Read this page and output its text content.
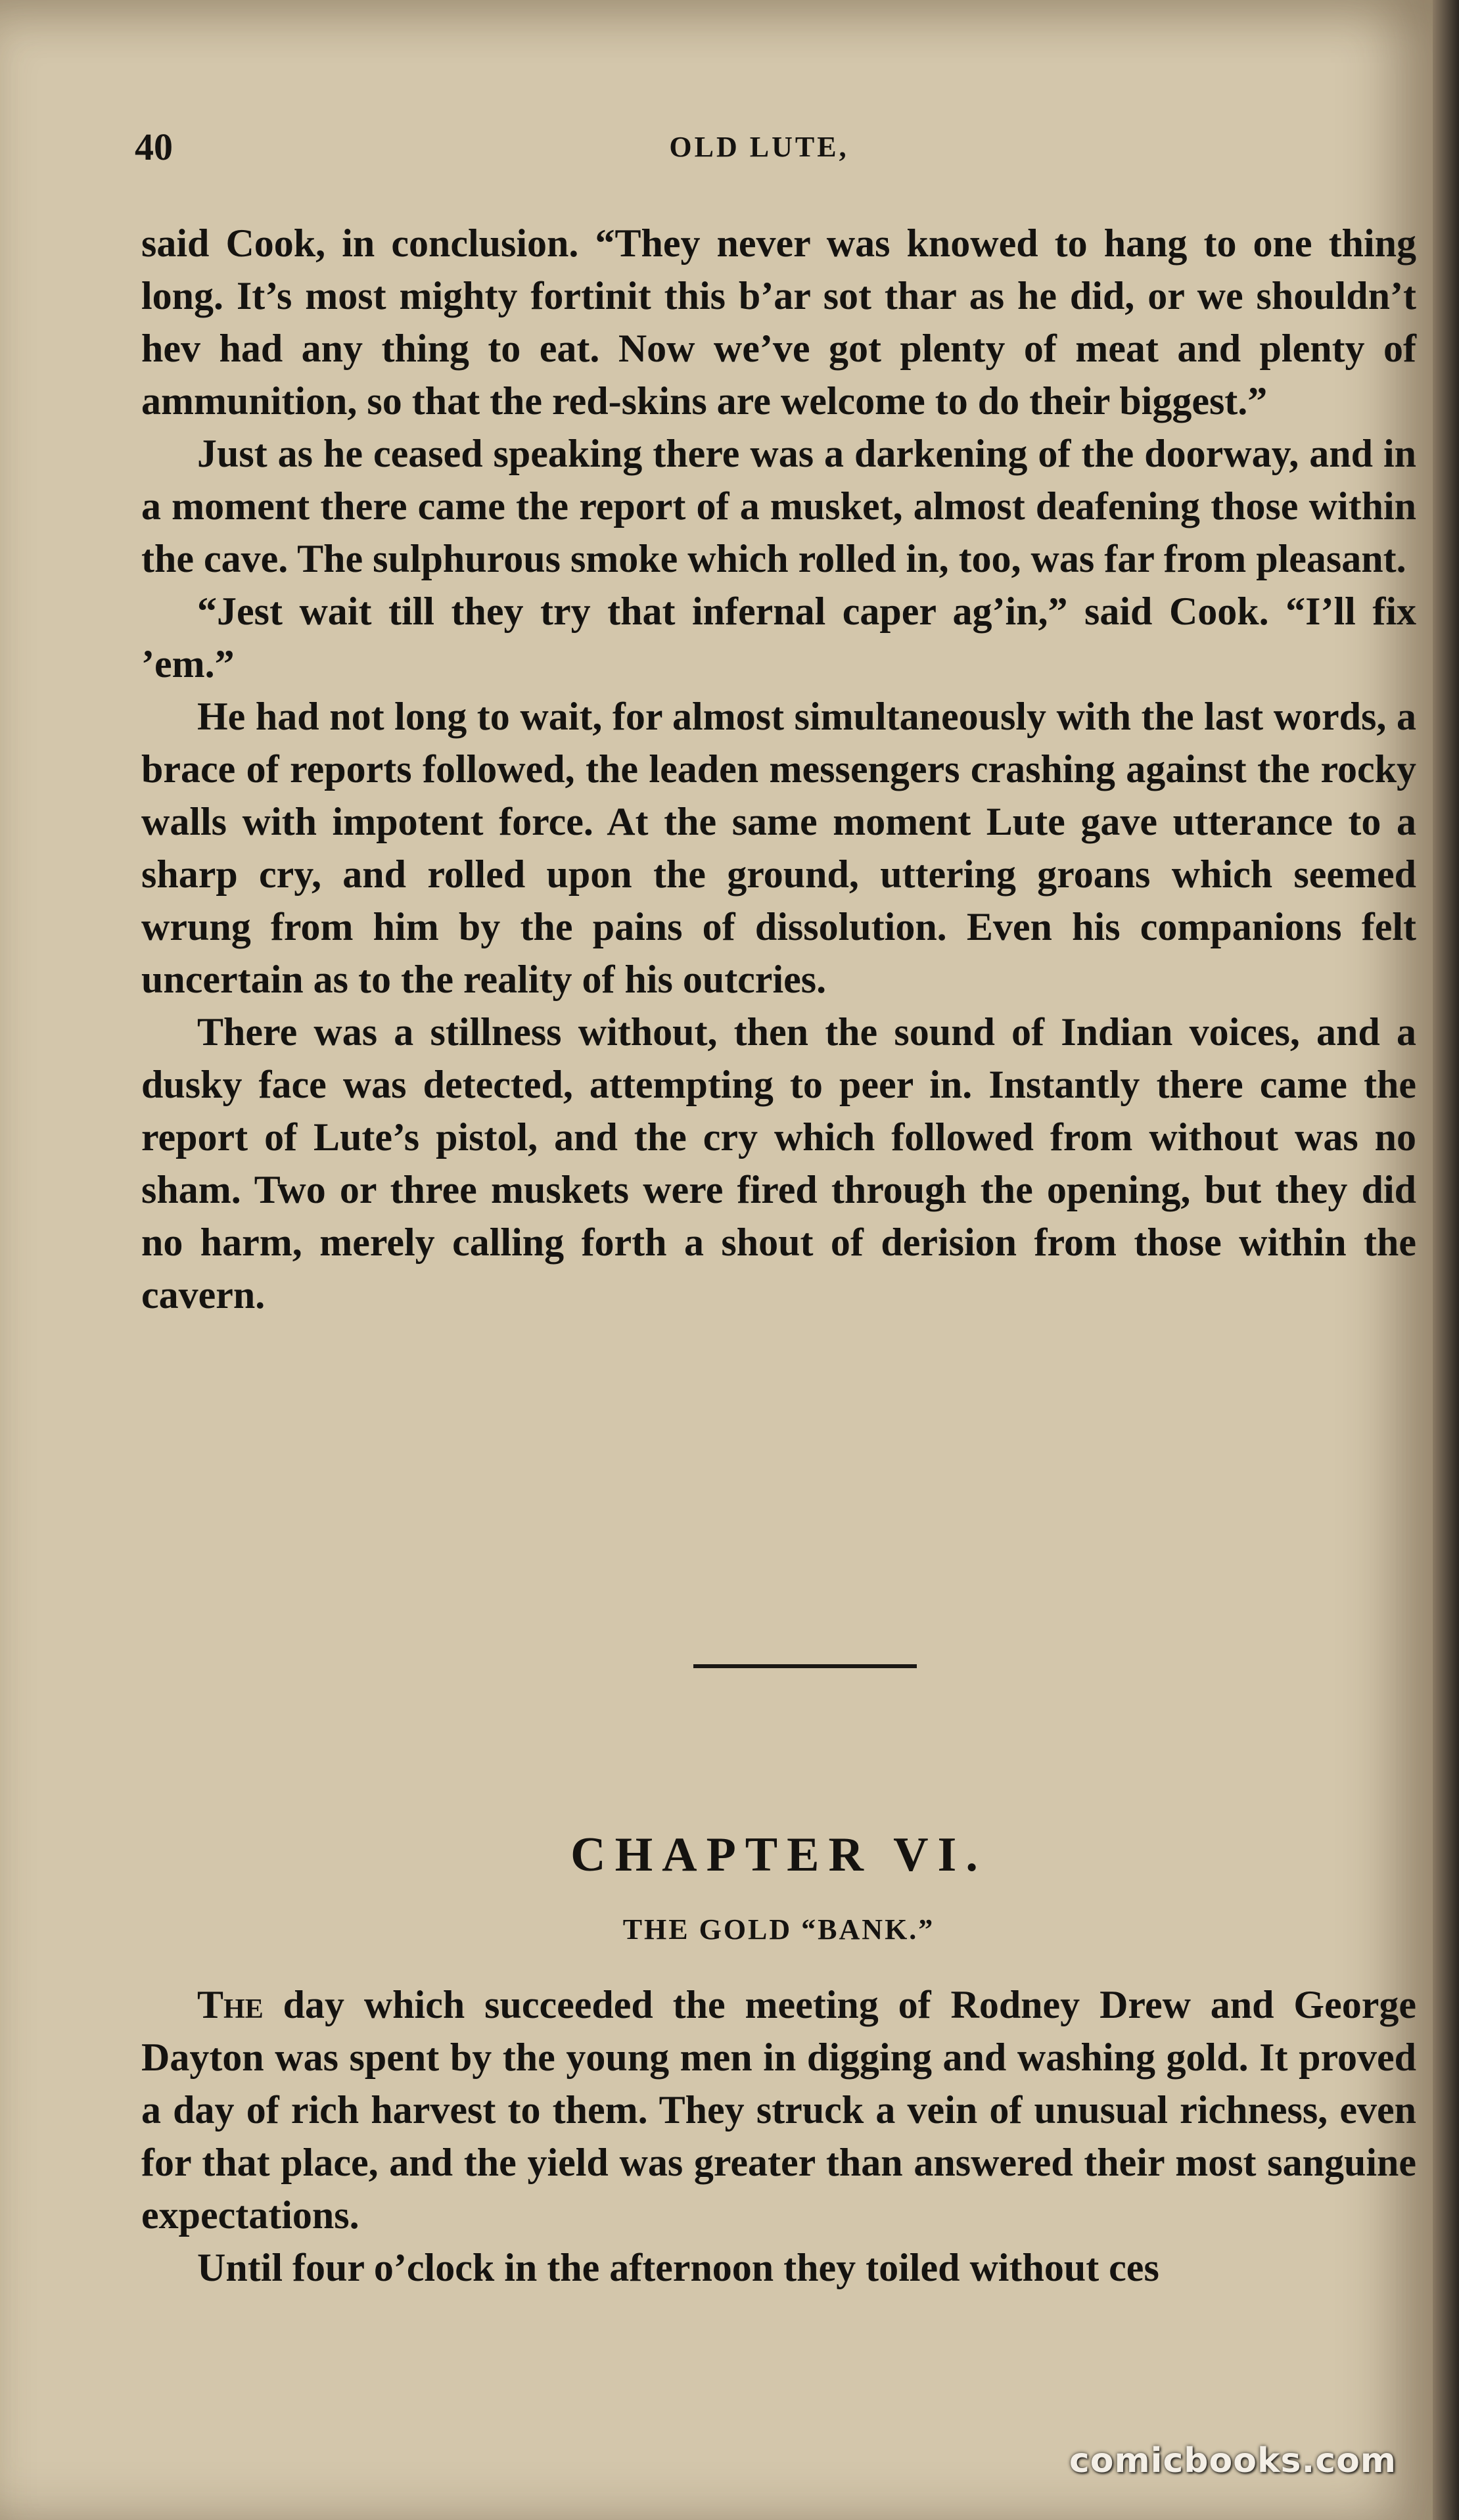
40	OLD LUTE,

said Cook, in conclusion. “They never was knowed to hang to one thing long. It’s most mighty fortinit this b’ar sot thar as he did, or we shouldn’t hev had any thing to eat. Now we’ve got plenty of meat and plenty of ammunition, so that the red-skins are welcome to do their biggest.”

Just as he ceased speaking there was a darkening of the doorway, and in a moment there came the report of a musket, almost deafening those within the cave. The sulphurous smoke which rolled in, too, was far from pleasant.

“Jest wait till they try that infernal caper ag’in,” said Cook. “I’ll fix ’em.”

He had not long to wait, for almost simultaneously with the last words, a brace of reports followed, the leaden messengers crashing against the rocky walls with impotent force. At the same moment Lute gave utterance to a sharp cry, and rolled upon the ground, uttering groans which seemed wrung from him by the pains of dissolution. Even his companions felt uncertain as to the reality of his outcries.

There was a stillness without, then the sound of Indian voices, and a dusky face was detected, attempting to peer in. Instantly there came the report of Lute’s pistol, and the cry which followed from without was no sham. Two or three muskets were fired through the opening, but they did no harm, merely calling forth a shout of derision from those within the cavern.

CHAPTER VI.
THE GOLD “BANK.”

The day which succeeded the meeting of Rodney Drew and George Dayton was spent by the young men in digging and washing gold. It proved a day of rich harvest to them. They struck a vein of unusual richness, even for that place, and the yield was greater than answered their most sanguine expectations.

Until four o’clock in the afternoon they toiled without ces

comicbooks.com
